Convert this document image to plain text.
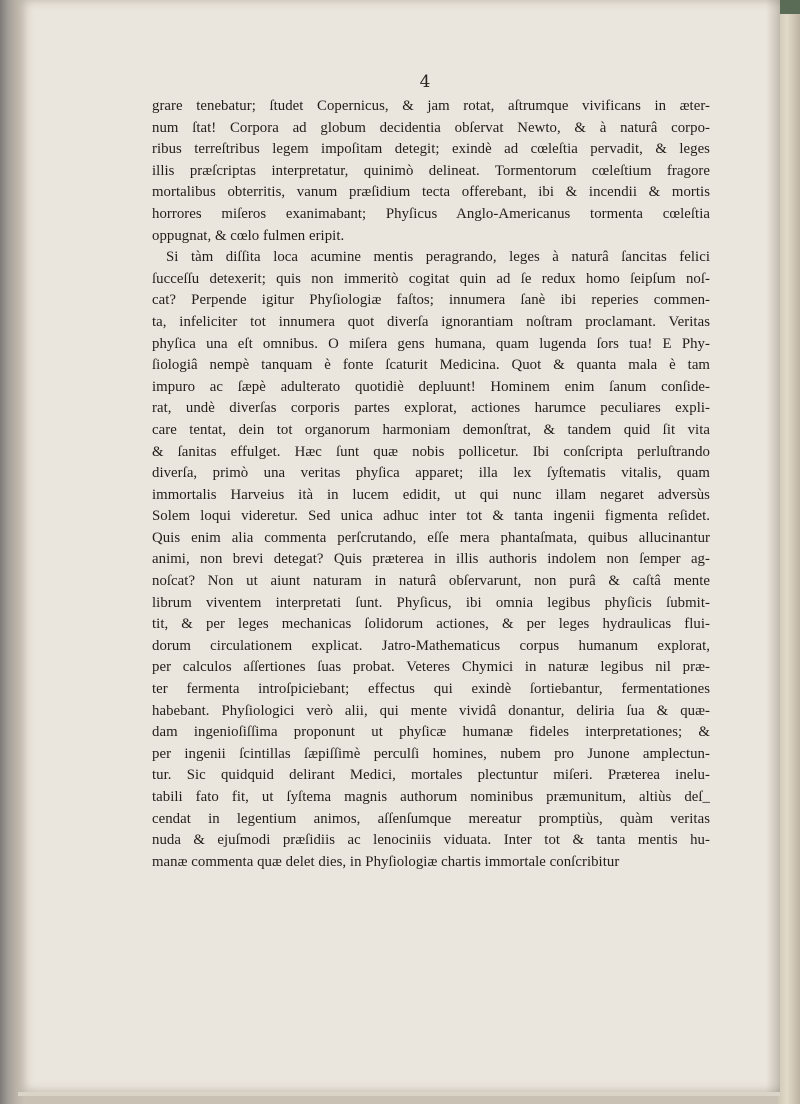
4
grare tenebatur; ſtudet Copernicus, & jam rotat, aſtrumque vivificans in æter-
num ſtat! Corpora ad globum decidentia obſervat Newto, & à naturâ corpo-
ribus terreſtribus legem impoſitam detegit; exindè ad cœleſtia pervadit, & leges
illis præſcriptas interpretatur, quinimò delineat. Tormentorum cœleſtium fragore
mortalibus obterritis, vanum præſidium tecta offerebant, ibi & incendii & mortis
horrores miſeros exanimabant; Phyſicus Anglo-Americanus tormenta cœleſtia
oppugnat, & cœlo fulmen eripit.
Si tàm diſſita loca acumine mentis peragrando, leges à naturâ ſancitas felici
ſucceſſu detexerit; quis non immeritò cogitat quin ad ſe redux homo ſeipſum noſ-
cat? Perpende igitur Phyſiologiæ faſtos; innumera ſanè ibi reperies commen-
ta, infeliciter tot innumera quot diverſa ignorantiam noſtram proclamant. Veritas
phyſica una eſt omnibus. O miſera gens humana, quam lugenda ſors tua! E Phy-
ſiologiâ nempè tanquam è fonte ſcaturit Medicina. Quot & quanta mala è tam
impuro ac ſæpè adulterato quotidiè depluunt! Hominem enim ſanum conſide-
rat, undè diverſas corporis partes explorat, actiones harumce peculiares expli-
care tentat, dein tot organorum harmoniam demonſtrat, & tandem quid ſit vita
& ſanitas effulget. Hæc ſunt quæ nobis pollicetur. Ibi conſcripta perluſtrando
diverſa, primò una veritas phyſica apparet; illa lex ſyſtematis vitalis, quam
immortalis Harveius ità in lucem edidit, ut qui nunc illam negaret adversùs
Solem loqui videretur. Sed unica adhuc inter tot & tanta ingenii figmenta reſidet.
Quis enim alia commenta perſcrutando, eſſe mera phantaſmata, quibus allucinantur
animi, non brevi detegat? Quis præterea in illis authoris indolem non ſemper ag-
noſcat? Non ut aiunt naturam in naturâ obſervarunt, non purâ & caſtâ mente
librum viventem interpretati ſunt. Phyſicus, ibi omnia legibus phyſicis ſubmit-
tit, & per leges mechanicas ſolidorum actiones, & per leges hydraulicas flui-
dorum circulationem explicat. Jatro-Mathematicus corpus humanum explorat,
per calculos aſſertiones ſuas probat. Veteres Chymici in naturæ legibus nil præ-
ter fermenta introſpiciebant; effectus qui exindè ſortiebantur, fermentationes
habebant. Phyſiologici verò alii, qui mente vividâ donantur, deliria ſua & quæ-
dam ingenioſiſſima proponunt ut phyſicæ humanæ fideles interpretationes; &
per ingenii ſcintillas ſæpiſſimè perculſi homines, nubem pro Junone amplectun-
tur. Sic quidquid delirant Medici, mortales plectuntur miſeri. Præterea inelu-
tabili fato fit, ut ſyſtema magnis authorum nominibus præmunitum, altiùs deſ_
cendat in legentium animos, aſſenſumque mereatur promptiùs, quàm veritas
nuda & ejuſmodi præſidiis ac lenociniis viduata. Inter tot & tanta mentis hu-
manæ commenta quæ delet dies, in Phyſiologiæ chartis immortale conſcribitur
